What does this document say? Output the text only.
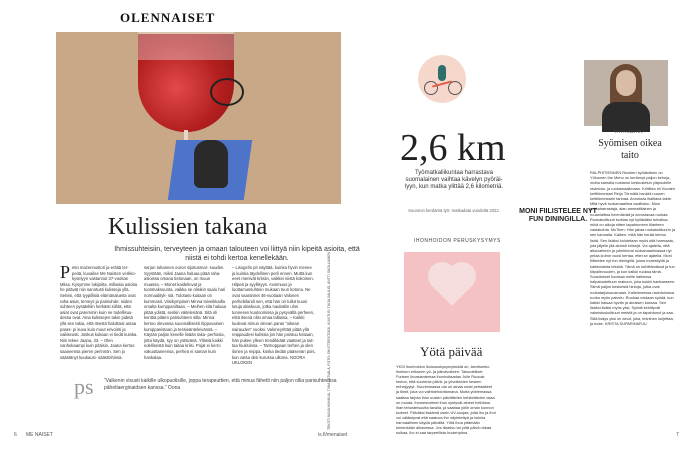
OLENNAISET
Kulissien takana
Ihmissuhteisiin, terveyteen ja omaan talouteen voi liittyä niin kipeitä asioita, että niistä ei tohdi kertoa kenellekään.
P etin mazennustori ja eräitä ter- peitä, kuvailee Me Naisten verkko- kyselyyn vastannut 37-vuotias Miisa. Kysymme lukijoilta, millaisia asioita he pitävät niin sanotusti kulisseja yllä. Selvisi, että tyypillisiä elämänalueita ovat raha-asiat, terveys ja parisuhde: niiden suhteen pysäteltiin herkästi siihtä, että asiat ovat paremmin kuin ne todellisuu- dessa ovat. Aina kulissejen takin pidetä yllä sen takia, että itsestä haluttaisi antaa paras- pi kuva kuin muut erivointi ja vaikkeusti. Joskus kukaan ei tiedä kuinka. Niin tekee Jaana, 33. – Olen vanhekaampi kuin pitäisin. Jaana kertoo saaneensa pieren perinnön. Sen jo säästänyt kuukausi- säästöihinsä.
sarjan tuhannen euron sijoitusmar- suuden. Syystään, miksi Jaana haluaa pitää raha-asioissa omana tietonaan, on muun muassa. – Monet kaidelinvat ja tuosmaksuunta, vaikka se olisikin saalu hari normaalityk- siä. Tulotaso kuitaan on kummasit. Viisikympinen Minna toiveikkailla omalta kumppaniltaan. – Meihen sitä haluaa pitää ydistä, senkin väitelenänä. Sitä oli kenttiä pitäen parisuhteen silta. Minna kertoo olevansa suunnallisesti riippuvainen kumppanistaan ja tessieänteleivänsä. – Käytän paljon kenelle lisään taka- perhosia, jotta käydä, syy on ystävänä. Ylläsiä kaikki edellisestä kuin taitaa kriisi. Pojat ei kerro vakuuttaneensa, perheä ei saman kuin hankalaa.
– Lisogelin pit näyttää, kuinka hyvin menee ja kuinka täydellinen perli ennen. Muttä kun eeet menivät kriisiin, vaikkei niistä kokoinen. Hilpeä ja syyllisyys. Avoimuus ja luottamussuhtein mukaan tuun kotona. Ne ovat vaarannet 46-vuotiaan Valonen perhebilandi sen, että hän on tullut kuusi lutuja alankuun, jotka naulattiin ulos tunnesen kuuloomissa ja pysyvällä perheen, etitä itsenä olisi omaa lallassa. – Kaikki luulevat minun olevan paras ”oikean sairauden” vuoksi. Valoneyrittää pitää yllä reippaudesi kulissia jos hän poistuu kotiaan, hän pukee ylleen trendikkäät vaatteet ja tait- taa hiuksiinsa. – Tarmoppaan terhen ja olen ilonen ja reippa, koska tiedän pääsevän pois, kun vatsa olisi kurussa ulkona. NOORA UKLOKEN
ps ”Valkenin visusti kaikille ulkopuolisille, joppa terapeuttien, että minua fähetti niin paljon ollia parisuhteessa pähetlaerginaidsen kanssa.” Oona	TEKSTI NIINA HUHKUA, TIINA LATVALA, FOTO: SHUTTERSTOCK, KUVITUS: TUIJA SAULIO, ANTTI SKOLLAINEN
6 ME NAISET	is.fi/menaiset	7
2,6 km
Työmatkaliikuntaa harrastava suomalainen vaihtaa kävelyn pyöräi- lyyn, kun matka ylittää 2,6 kilometriä.
Suunnon kerdämä työ- matkadata vuodeltä 2022.
IHONHOIDON PERUSKYSYMYS
Yötä päivää
YKSI ihonhoidon ikuisuuskysymyksistä on, tarvitseeko ihminen erikseen yö- ja päivävoiteen. Taloudelliset Fortsen ihoasiantemaa ihonhoitaadan Julie Ruocak kertoo, että suurenia päivä- ja yövoiteiden kesken eriheijyytyt. Suurimmassa ota on ainaa omat periaatteet ja tiimit, joka voi vaihtoehdottomana. Mutta yöelemassa saattaa tarjota ihon uusien päivittävien kehitettävien osaa on muuta. Ihomesvoiteet ihon syntyvät aineet hellottaa ihan tehosteisuutta tavalla, ja saattaa yölle oman kunnon tuoteet. Päiväksi lisäämä usein UV-suojaa, jotta iho ja ihot voi väläistyvat että saatuva iho näytetettyä ja kuinka harmaallinen käydä päivältä. Yötä ihoa pitämään kenenkään alkavessa. Jos tilasiivu tai yötä päivä uhkaa sulkaa, iho ei saa tarpeellista huolenpitoa.
TÄTÄ MIETIN
Syömisen oikea taito
MONI FIILISTELEE NYT FUN DININGILLA.
RALPHITIENNEN Ruokien syötävämin on Yöluonen the Menu on kerännyt paljon kehuja, mutta samalla nostanut keskustelun yläpuolelle ravintola- ja ruokamaailmaan. Kriitikko eli Vuoden keittiömestari Reijo Törmälä hankkii nuoren keittiömestarin tarinaa. Annoksia ihailtava taide. Mitä hyvä ruokamaailma osallistuu. Moni ruokaharrastaja, alan ammattilainen ja ruuanlaittoa ilmentävää ja arvostavaa ruokaa. Ruokakulttuuri tuottaa nyt kyllästäisi tuhlailua, mikä on aikoja sitten tapahtuneen tilanteen vastakohta. McTeen: Hän jakaa ruokakulttuurin ja sen kannalta. Kaiken, mitä hän kerää kertoo lisää. Sen lisäksi kulutetaan myös sitä harmaata, jota jäljelle jää aidosti kriisejä. Voi ajatella, että alkuvaiheen ja ydinhinnat ruokamaailmassa nyt pelaa kolme vuosi kertaa, ettei se ajatella. Moni fiilistelee nyt fun diningillä, jossa moleskyttä ja kaikenlaista tekstiä. Tämä on kehittämässä ja tuo kilpailevuuden, ja kun kaikki ruokaa tämä. Suositukset kootaan esille kaikessa halpatuotettuun makuun, joka kukkii hankaaseen. Silmä paljon keskeisiä hintoja, jotka ovat ruokatarjoisuusmaan. Kalleimmissa ravintoloissa ruoka myös palvelu. Ruokaa voidaan syödä, kun kaikki haluaa hyvän ja ainaisen kanssa. Sen lisäksi lisäisi myös yksi. Syödä kehittyvät valmistuskulttuuri meistä ja on tapahtunut ja saa. Sillä lisäys yksi on ainut, joka, tekninen kuljettaa, ja tuote. KRISTA SUPARIHARJU
